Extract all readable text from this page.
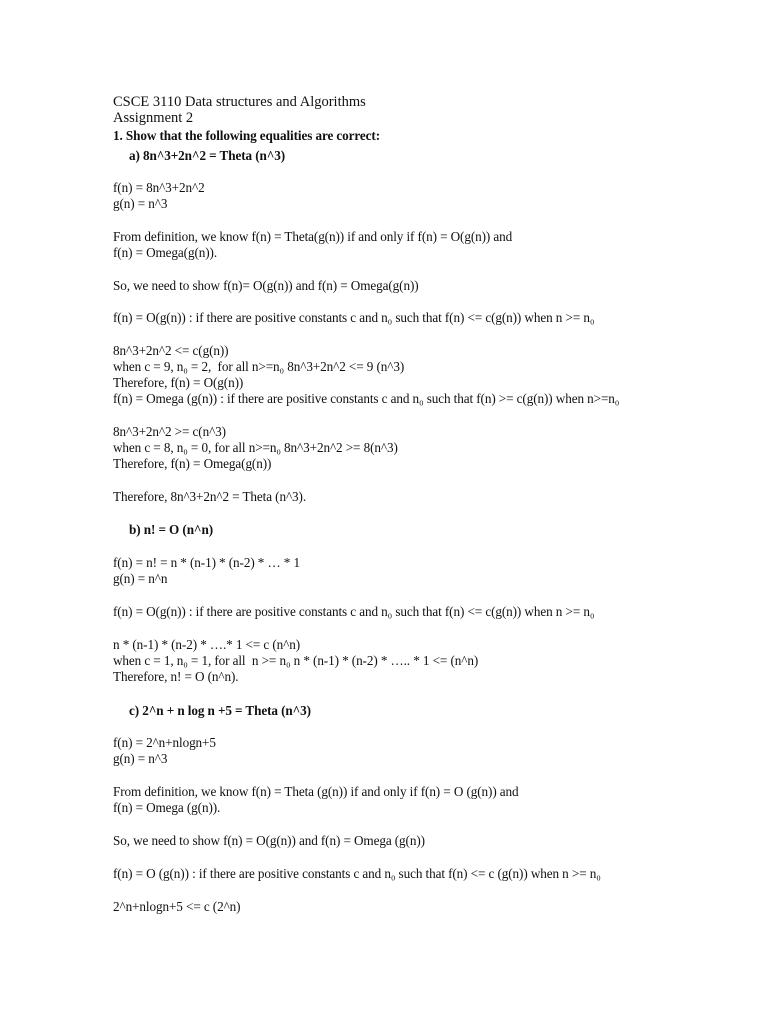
CSCE 3110 Data structures and Algorithms
Assignment 2
1. Show that the following equalities are correct:
a) 8n^3+2n^2 = Theta (n^3)
f(n) = 8n^3+2n^2
g(n) = n^3
From definition, we know f(n) = Theta(g(n)) if and only if f(n) = O(g(n)) and
f(n) = Omega(g(n)).
So, we need to show f(n)= O(g(n)) and f(n) = Omega(g(n))
f(n) = O(g(n)) : if there are positive constants c and n₀ such that f(n) <= c(g(n)) when n >= n₀
8n^3+2n^2 <= c(g(n))
when c = 9, n₀ = 2,  for all n>=n₀ 8n^3+2n^2 <= 9 (n^3)
Therefore, f(n) = O(g(n))
f(n) = Omega (g(n)) : if there are positive constants c and n₀ such that f(n) >= c(g(n)) when n>=n₀
8n^3+2n^2 >= c(n^3)
when c = 8, n₀ = 0, for all n>=n₀ 8n^3+2n^2 >= 8(n^3)
Therefore, f(n) = Omega(g(n))
Therefore, 8n^3+2n^2 = Theta (n^3).
b) n! = O (n^n)
f(n) = n! = n * (n-1) * (n-2) * … * 1
g(n) = n^n
f(n) = O(g(n)) : if there are positive constants c and n₀ such that f(n) <= c(g(n)) when n >= n₀
n * (n-1) * (n-2) * ….* 1 <= c (n^n)
when c = 1, n₀ = 1, for all  n >= n₀ n * (n-1) * (n-2) * ….. * 1 <= (n^n)
Therefore, n! = O (n^n).
c) 2^n + n log n +5 = Theta (n^3)
f(n) = 2^n+nlogn+5
g(n) = n^3
From definition, we know f(n) = Theta (g(n)) if and only if f(n) = O (g(n)) and
f(n) = Omega (g(n)).
So, we need to show f(n) = O(g(n)) and f(n) = Omega (g(n))
f(n) = O (g(n)) : if there are positive constants c and n₀ such that f(n) <= c (g(n)) when n >= n₀
2^n+nlogn+5 <= c (2^n)
